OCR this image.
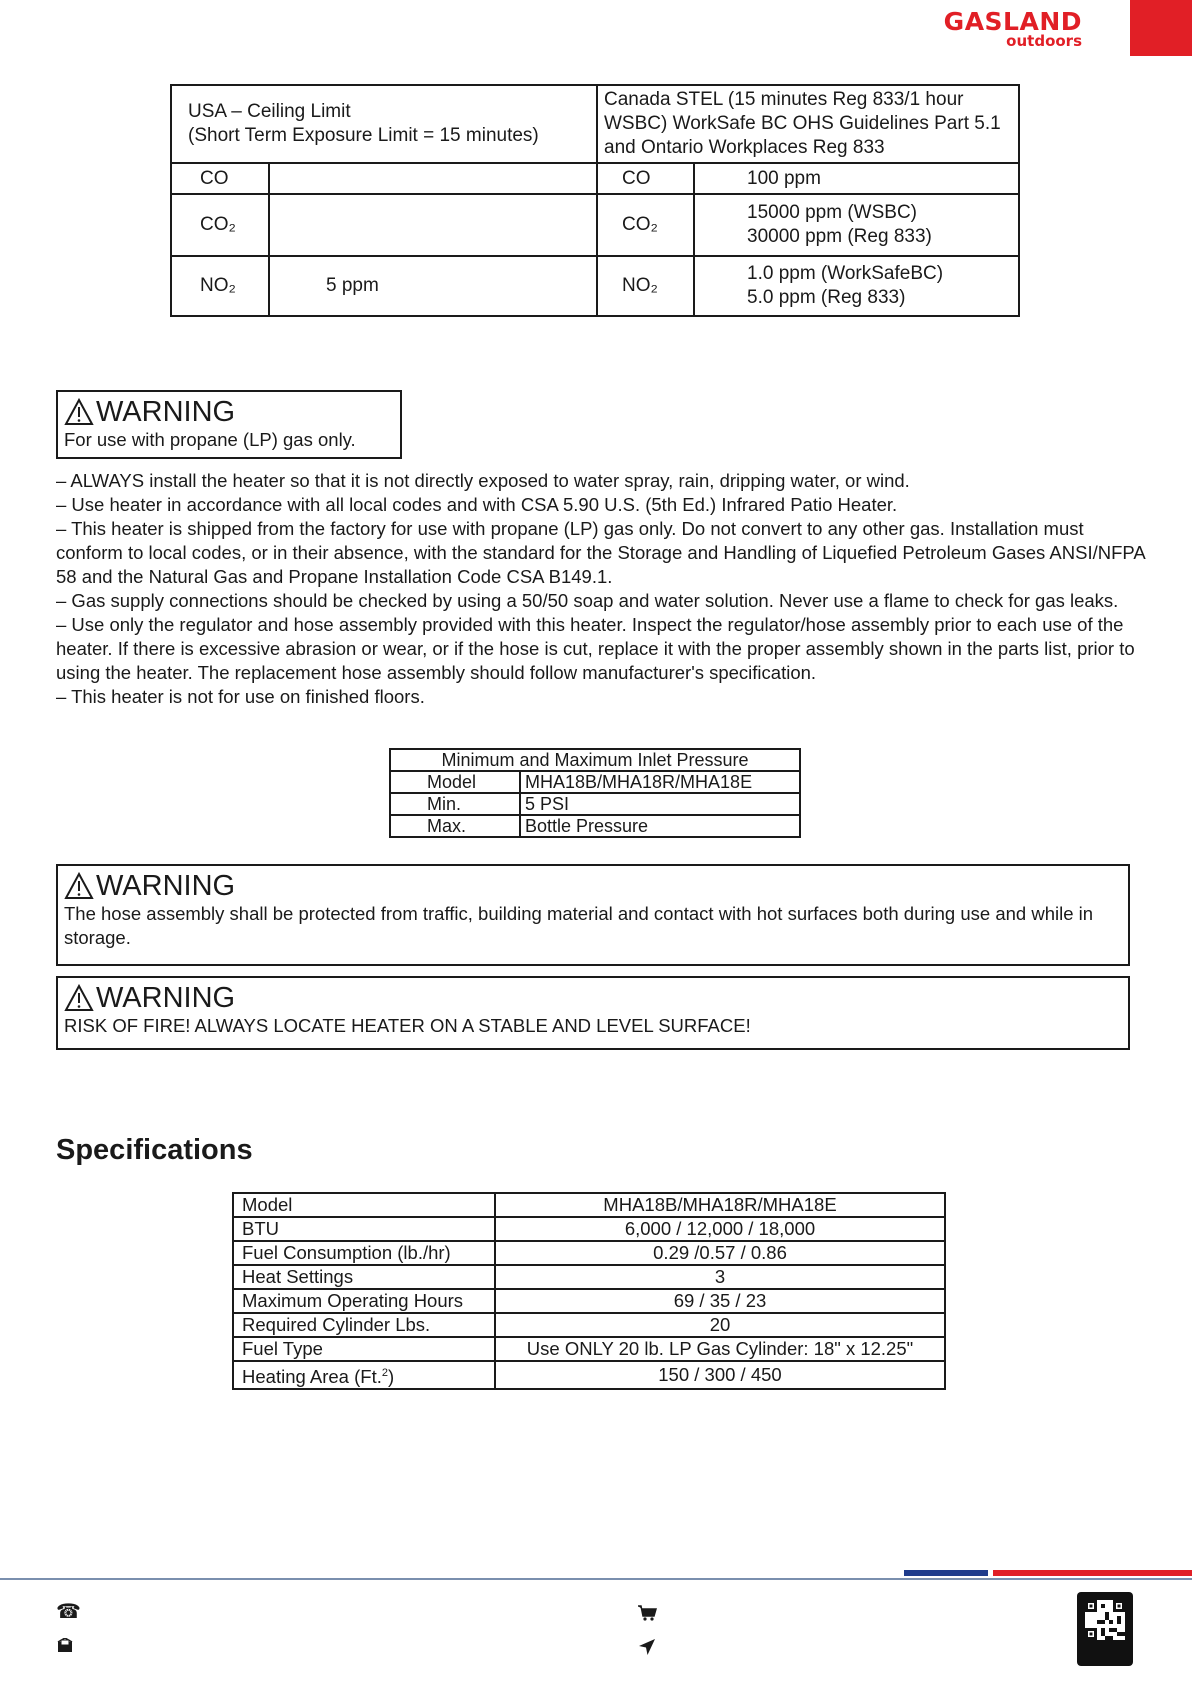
GASLAND
outdoors
USA – Ceiling Limit
(Short Term Exposure Limit = 15 minutes)		Canada STEL (15 minutes Reg 833/1 hour WSBC) WorkSafe BC OHS Guidelines Part 5.1 and Ontario Workplaces Reg 833	
CO		CO	100 ppm

CO₂		CO₂	15000 ppm (WSBC)
30000 ppm (Reg 833)

NO₂	5 ppm	NO₂	1.0 ppm (WorkSafeBC)
5.0 ppm (Reg 833)
WARNING
For use with propane (LP) gas only.

– ALWAYS install the heater so that it is not directly exposed to water spray, rain, dripping water, or wind.

– Use heater in accordance with all local codes and with CSA 5.90 U.S. (5th Ed.) Infrared Patio Heater.

– This heater is shipped from the factory for use with propane (LP) gas only. Do not convert to any other gas. Installation must conform to local codes, or in their absence, with the standard for the Storage and Handling of Liquefied Petroleum Gases ANSI/NFPA 58 and the Natural Gas and Propane Installation Code CSA B149.1.

– Gas supply connections should be checked by using a 50/50 soap and water solution. Never use a flame to check for gas leaks.

– Use only the regulator and hose assembly provided with this heater. Inspect the regulator/hose assembly prior to each use of the heater. If there is excessive abrasion or wear, or if the hose is cut, replace it with the proper assembly shown in the parts list, prior to using the heater. The replacement hose assembly should follow manufacturer's specification.

– This heater is not for use on finished floors.

Minimum and Maximum Inlet Pressure	
Model	MHA18B/MHA18R/MHA18E
Min.	5 PSI
Max.	Bottle Pressure
WARNING
The hose assembly shall be protected from traffic, building material and contact with hot surfaces both during use and while in storage.
WARNING
RISK OF FIRE! ALWAYS LOCATE HEATER ON A STABLE AND LEVEL SURFACE!
Specifications
Model	MHA18B/MHA18R/MHA18E
BTU	6,000 / 12,000 / 18,000
Fuel Consumption (lb./hr)	0.29 /0.57 / 0.86
Heat Settings	3
Maximum Operating Hours	69 / 35 / 23
Required Cylinder Lbs.	20
Fuel Type	Use ONLY 20 lb. LP Gas Cylinder: 18" x 12.25"
Heating Area (Ft.$^2$)	150 / 300 / 450
☎
